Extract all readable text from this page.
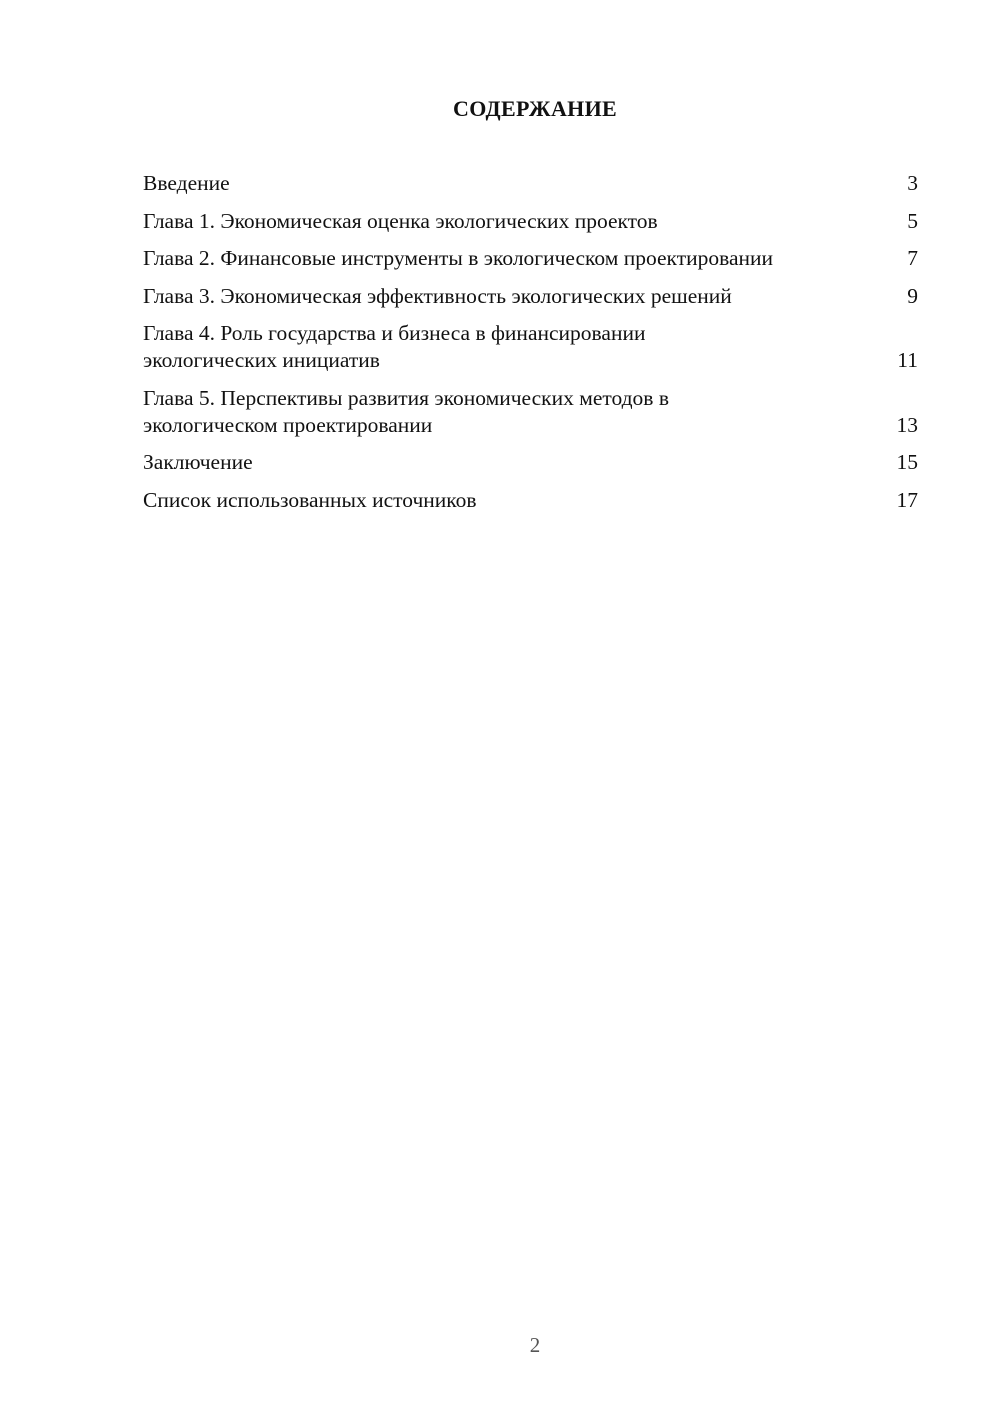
СОДЕРЖАНИЕ
Введение	3
Глава 1. Экономическая оценка экологических проектов	5
Глава 2. Финансовые инструменты в экологическом проектировании	7
Глава 3. Экономическая эффективность экологических решений	9
Глава 4. Роль государства и бизнеса в финансировании экологических инициатив	11
Глава 5. Перспективы развития экономических методов в экологическом проектировании	13
Заключение	15
Список использованных источников	17
2
